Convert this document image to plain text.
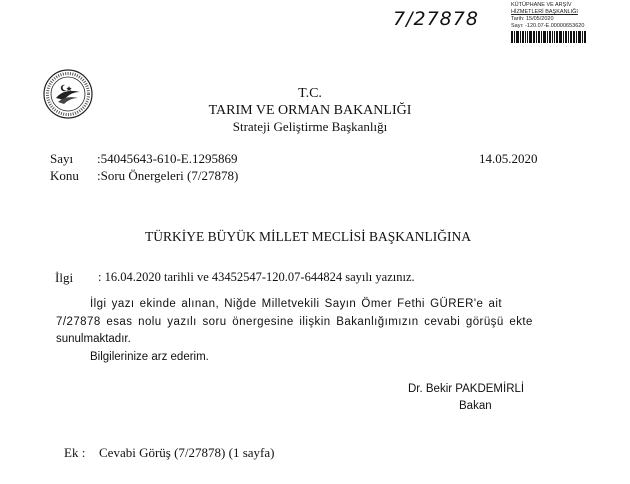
7/27878
KÜTÜPHANE VE ARŞİV
HİZMETLERİ BAŞKANLIĞI
Tarih: 15/05/2020
Sayı: -120.07-E.00000653620
T.C.
TARIM VE ORMAN BAKANLIĞI
Strateji Geliştirme Başkanlığı
Sayı :54045643-610-E.1295869	14.05.2020
Konu :Soru Önergeleri (7/27878)
TÜRKİYE BÜYÜK MİLLET MECLİSİ BAŞKANLIĞINA
İlgi : 16.04.2020 tarihli ve 43452547-120.07-644824 sayılı yazınız.
İlgi yazı ekinde alınan, Niğde Milletvekili Sayın Ömer Fethi GÜRER'e ait
7/27878 esas nolu yazılı soru önergesine ilişkin Bakanlığımızın cevabi görüşü ekte
sunulmaktadır.
Bilgilerinize arz ederim.
Dr. Bekir PAKDEMİRLİ
Bakan
Ek : Cevabi Görüş (7/27878) (1 sayfa)
